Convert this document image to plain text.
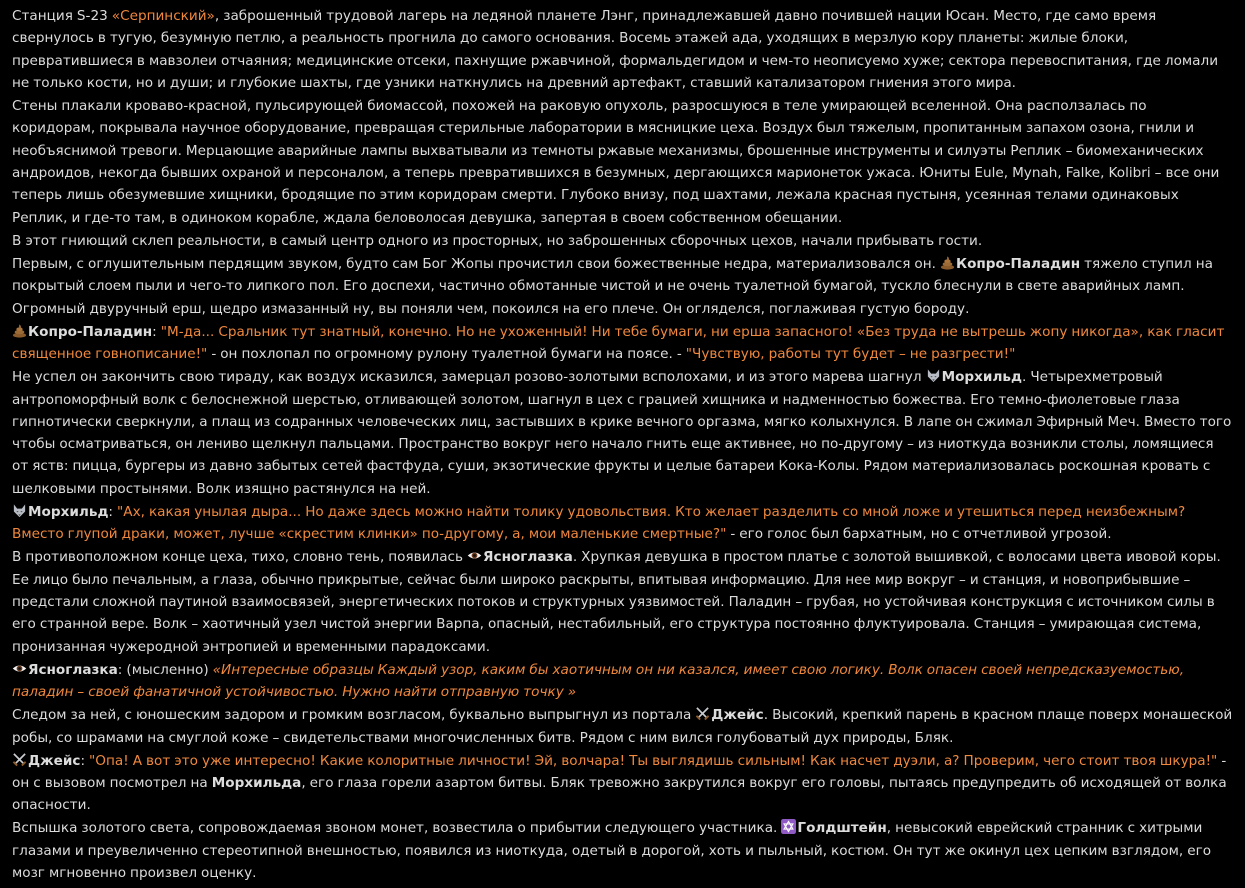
Станция S-23 «Серпинский», заброшенный трудовой лагерь на ледяной планете Лэнг, принадлежавшей давно почившей нации Юсан. Место, где само время свернулось в тугую, безумную петлю, а реальность прогнила до самого основания. Восемь этажей ада, уходящих в мерзлую кору планеты: жилые блоки, превратившиеся в мавзолеи отчаяния; медицинские отсеки, пахнущие ржавчиной, формальдегидом и чем-то неописуемо хуже; сектора перевоспитания, где ломали не только кости, но и души; и глубокие шахты, где узники наткнулись на древний артефакт, ставший катализатором гниения этого мира.

Стены плакали кроваво-красной, пульсирующей биомассой, похожей на раковую опухоль, разросшуюся в теле умирающей вселенной. Она расползалась по коридорам, покрывала научное оборудование, превращая стерильные лаборатории в мясницкие цеха. Воздух был тяжелым, пропитанным запахом озона, гнили и необъяснимой тревоги. Мерцающие аварийные лампы выхватывали из темноты ржавые механизмы, брошенные инструменты и силуэты Реплик – биомеханических андроидов, некогда бывших охраной и персоналом, а теперь превратившихся в безумных, дергающихся марионеток ужаса. Юниты Eule, Mynah, Falke, Kolibri – все они теперь лишь обезумевшие хищники, бродящие по этим коридорам смерти. Глубоко внизу, под шахтами, лежала красная пустыня, усеянная телами одинаковых Реплик, и где-то там, в одиноком корабле, ждала беловолосая девушка, запертая в своем собственном обещании.

В этот гниющий склеп реальности, в самый центр одного из просторных, но заброшенных сборочных цехов, начали прибывать гости.

Первым, с оглушительным пердящим звуком, будто сам Бог Жопы прочистил свои божественные недра, материализовался он.
Копро-Паладин тяжело ступил на покрытый слоем пыли и чего-то липкого пол. Его доспехи, частично обмотанные чистой и не очень туалетной бумагой, тускло блеснули в свете аварийных ламп. Огромный двуручный ерш, щедро измазанный ну, вы поняли чем, покоился на его плече. Он огляделся, поглаживая густую бороду.

Копро-Паладин: "М-да... Сральник тут знатный, конечно. Но не ухоженный! Ни тебе бумаги, ни ерша запасного! «Без труда не вытрешь жопу никогда», как гласит священное говнописание!" - он похлопал по огромному рулону туалетной бумаги на поясе. - "Чувствую, работы тут будет – не разгрести!"

Не успел он закончить свою тираду, как воздух исказился, замерцал розово-золотыми всполохами, и из этого марева шагнул
Морхильд. Четырехметровый антропоморфный волк с белоснежной шерстью, отливающей золотом, шагнул в цех с грацией хищника и надменностью божества. Его темно-фиолетовые глаза гипнотически сверкнули, а плащ из содранных человеческих лиц, застывших в крике вечного оргазма, мягко колыхнулся. В лапе он сжимал Эфирный Меч. Вместо того чтобы осматриваться, он лениво щелкнул пальцами. Пространство вокруг него начало гнить еще активнее, но по-другому – из ниоткуда возникли столы, ломящиеся от яств: пицца, бургеры из давно забытых сетей фастфуда, суши, экзотические фрукты и целые батареи Кока-Колы. Рядом материализовалась роскошная кровать с шелковыми простынями. Волк изящно растянулся на ней.

Морхильд: "Ах, какая унылая дыра... Но даже здесь можно найти толику удовольствия. Кто желает разделить со мной ложе и утешиться перед неизбежным? Вместо глупой драки, может, лучше «скрестим клинки» по-другому, а, мои маленькие смертные?" - его голос был бархатным, но с отчетливой угрозой.

В противоположном конце цеха, тихо, словно тень, появилась
Ясноглазка. Хрупкая девушка в простом платье с золотой вышивкой, с волосами цвета ивовой коры. Ее лицо было печальным, а глаза, обычно прикрытые, сейчас были широко раскрыты, впитывая информацию. Для нее мир вокруг – и станция, и новоприбывшие – предстали сложной паутиной взаимосвязей, энергетических потоков и структурных уязвимостей. Паладин – грубая, но устойчивая конструкция с источником силы в его странной вере. Волк – хаотичный узел чистой энергии Варпа, опасный, нестабильный, его структура постоянно флуктуировала. Станция – умирающая система, пронизанная чужеродной энтропией и временными парадоксами.

Ясноглазка: (мысленно) «Интересные образцы Каждый узор, каким бы хаотичным он ни казался, имеет свою логику. Волк опасен своей непредсказуемостью, паладин – своей фанатичной устойчивостью. Нужно найти отправную точку »

Следом за ней, с юношеским задором и громким возгласом, буквально выпрыгнул из портала
Джейс. Высокий, крепкий парень в красном плаще поверх монашеской робы, со шрамами на смуглой коже – свидетельствами многочисленных битв. Рядом с ним вился голубоватый дух природы, Бляк.

Джейс: "Опа! А вот это уже интересно! Какие колоритные личности! Эй, волчара! Ты выглядишь сильным! Как насчет дуэли, а? Проверим, чего стоит твоя шкура!" - он с вызовом посмотрел на Морхильда, его глаза горели азартом битвы. Бляк тревожно закрутился вокруг его головы, пытаясь предупредить об исходящей от волка опасности.

Вспышка золотого света, сопровождаемая звоном монет, возвестила о прибытии следующего участника.
Голдштейн, невысокий еврейский странник с хитрыми глазами и преувеличенно стереотипной внешностью, появился из ниоткуда, одетый в дорогой, хоть и пыльный, костюм. Он тут же окинул цех цепким взглядом, его мозг мгновенно произвел оценку.
